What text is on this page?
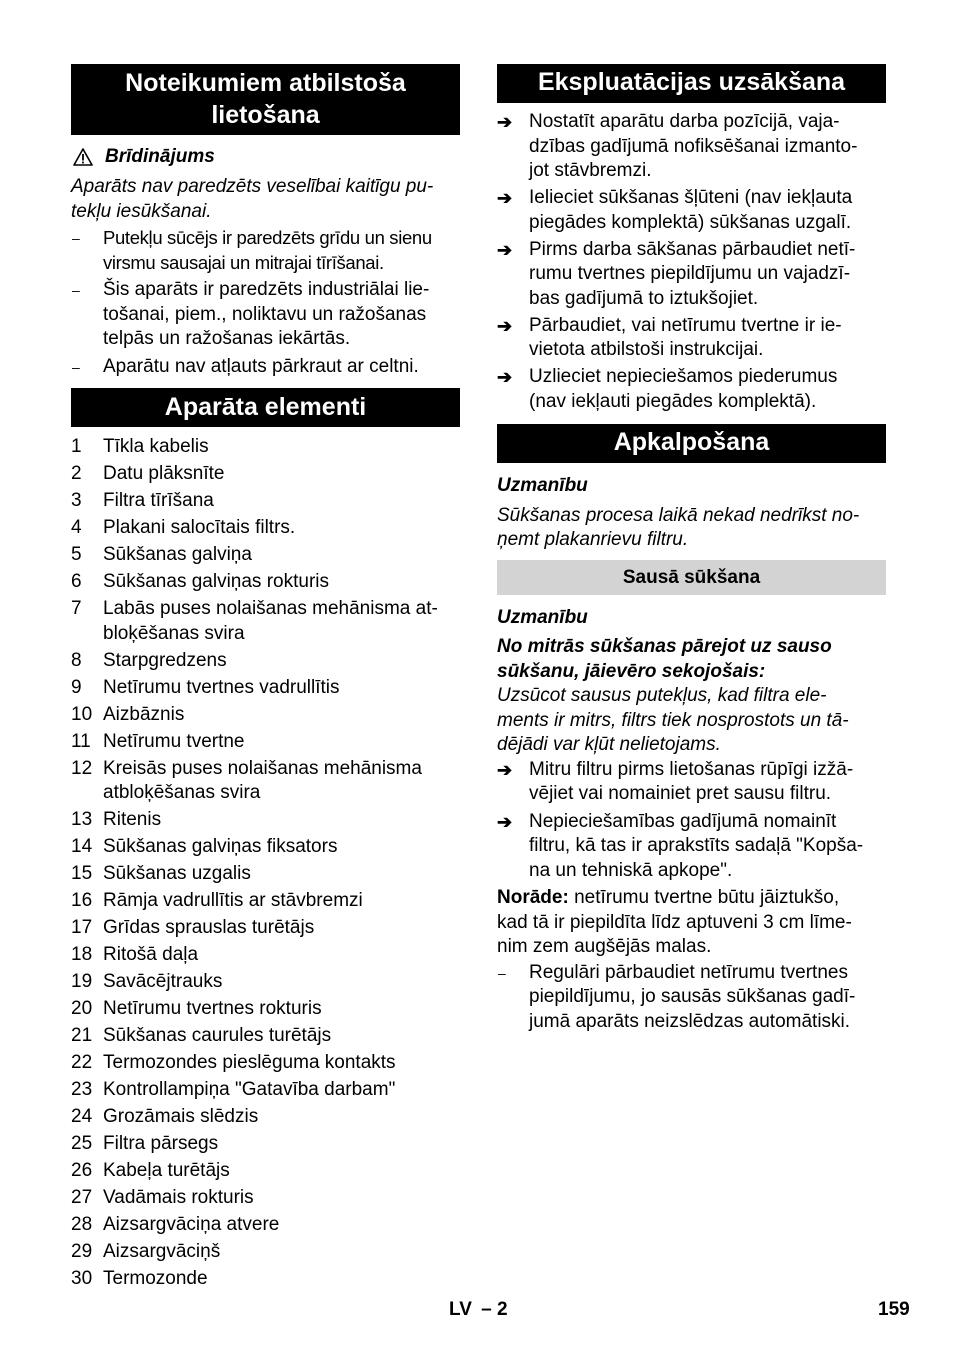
Noteikumiem atbilstoša
lietošana
Brīdinājums
Aparāts nav paredzēts veselībai kaitīgu pu-
tekļu iesūkšanai.
–	Putekļu sūcējs ir paredzēts grīdu un sienu
virsmu sausajai un mitrajai tīrīšanai.
–	Šis aparāts ir paredzēts industriālai lie-
tošanai, piem., noliktavu un ražošanas
telpās un ražošanas iekārtās.
–	Aparātu nav atļauts pārkraut ar celtni.
Aparāta elementi
1	Tīkla kabelis
2	Datu plāksnīte
3	Filtra tīrīšana
4	Plakani salocītais filtrs.
5	Sūkšanas galviņa
6	Sūkšanas galviņas rokturis
7	Labās puses nolaišanas mehānisma at-
bloķēšanas svira
8	Starpgredzens
9	Netīrumu tvertnes vadrullītis
10 Aizbāznis
11 Netīrumu tvertne
12 Kreisās puses nolaišanas mehānisma
atbloķēšanas svira
13 Ritenis
14 Sūkšanas galviņas fiksators
15 Sūkšanas uzgalis
16 Rāmja vadrullītis ar stāvbremzi
17 Grīdas sprauslas turētājs
18 Ritošā daļa
19 Savācējtrauks
20 Netīrumu tvertnes rokturis
21 Sūkšanas caurules turētājs
22 Termozondes pieslēguma kontakts
23 Kontrollampiņa "Gatavība darbam"
24 Grozāmais slēdzis
25 Filtra pārsegs
26 Kabeļa turētājs
27 Vadāmais rokturis
28 Aizsargvāciņa atvere
29 Aizsargvāciņš
30 Termozonde
Ekspluatācijas uzsākšana
➔ Nostatīt aparātu darba pozīcijā, vaja-
dzības gadījumā nofiksēšanai izmanto-
jot stāvbremzi.
➔ Ielieciet sūkšanas šļūteni (nav iekļauta
piegādes komplektā) sūkšanas uzgalī.
➔ Pirms darba sākšanas pārbaudiet netī-
rumu tvertnes piepildījumu un vajadzī-
bas gadījumā to iztukšojiet.
➔ Pārbaudiet, vai netīrumu tvertne ir ie-
vietota atbilstoši instrukcijai.
➔ Uzlieciet nepieciešamos piederumus
(nav iekļauti piegādes komplektā).
Apkalpošana
Uzmanību
Sūkšanas procesa laikā nekad nedrīkst no-
ņemt plakanrievu filtru.
Sausā sūkšana
Uzmanību
No mitrās sūkšanas pārejot uz sauso
sūkšanu, jāievēro sekojošais:
Uzsūcot sausus putekļus, kad filtra ele-
ments ir mitrs, filtrs tiek nosprostots un tā-
dējādi var kļūt nelietojams.
➔ Mitru filtru pirms lietošanas rūpīgi izžā-
vējiet vai nomainiet pret sausu filtru.
➔ Nepieciešamības gadījumā nomainīt
filtru, kā tas ir aprakstīts sadaļā "Kopša-
na un tehniskā apkope".
Norāde: netīrumu tvertne būtu jāiztukšo,
kad tā ir piepildīta līdz aptuveni 3 cm līme-
nim zem augšējās malas.
–	Regulāri pārbaudiet netīrumu tvertnes
piepildījumu, jo sausās sūkšanas gadī-
jumā aparāts neizslēdzas automātiski.
LV – 2	159
